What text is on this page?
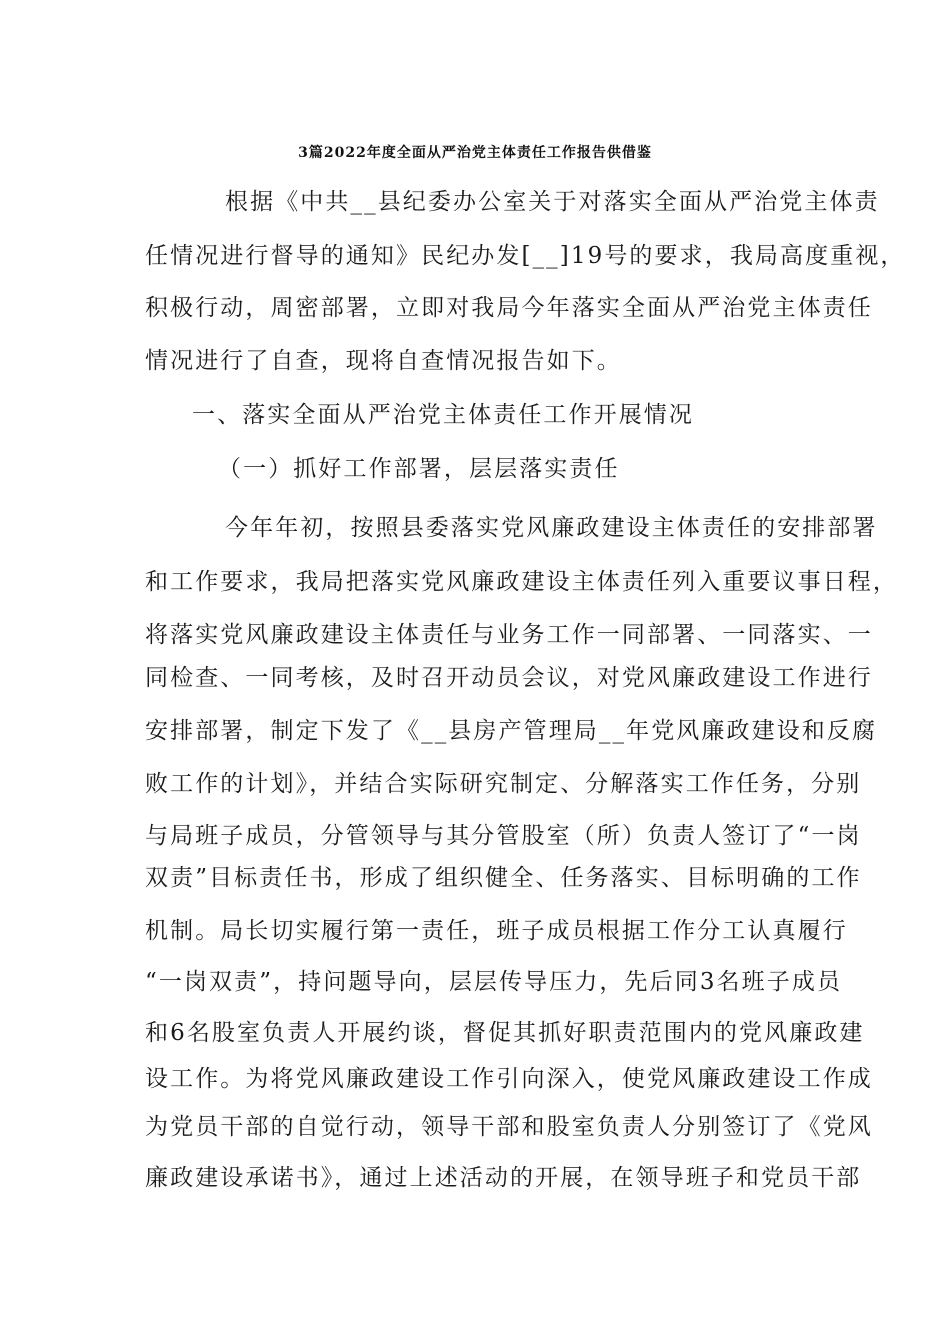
3篇2022年度全面从严治党主体责任工作报告供借鉴
根据《中共__县纪委办公室关于对落实全面从严治党主体责
任情况进行督导的通知》民纪办发[__]19号的要求，我局高度重视，
积极行动，周密部署，立即对我局今年落实全面从严治党主体责任
情况进行了自查，现将自查情况报告如下。
一、落实全面从严治党主体责任工作开展情况
（一）抓好工作部署，层层落实责任
今年年初，按照县委落实党风廉政建设主体责任的安排部署
和工作要求，我局把落实党风廉政建设主体责任列入重要议事日程，
将落实党风廉政建设主体责任与业务工作一同部署、一同落实、一
同检查、一同考核，及时召开动员会议，对党风廉政建设工作进行
安排部署，制定下发了《__县房产管理局__年党风廉政建设和反腐
败工作的计划》，并结合实际研究制定、分解落实工作任务，分别
与局班子成员，分管领导与其分管股室（所）负责人签订了“一岗
双责”目标责任书，形成了组织健全、任务落实、目标明确的工作
机制。局长切实履行第一责任，班子成员根据工作分工认真履行
“一岗双责”，持问题导向，层层传导压力，先后同3名班子成员
和6名股室负责人开展约谈，督促其抓好职责范围内的党风廉政建
设工作。为将党风廉政建设工作引向深入，使党风廉政建设工作成
为党员干部的自觉行动，领导干部和股室负责人分别签订了《党风
廉政建设承诺书》，通过上述活动的开展，在领导班子和党员干部
